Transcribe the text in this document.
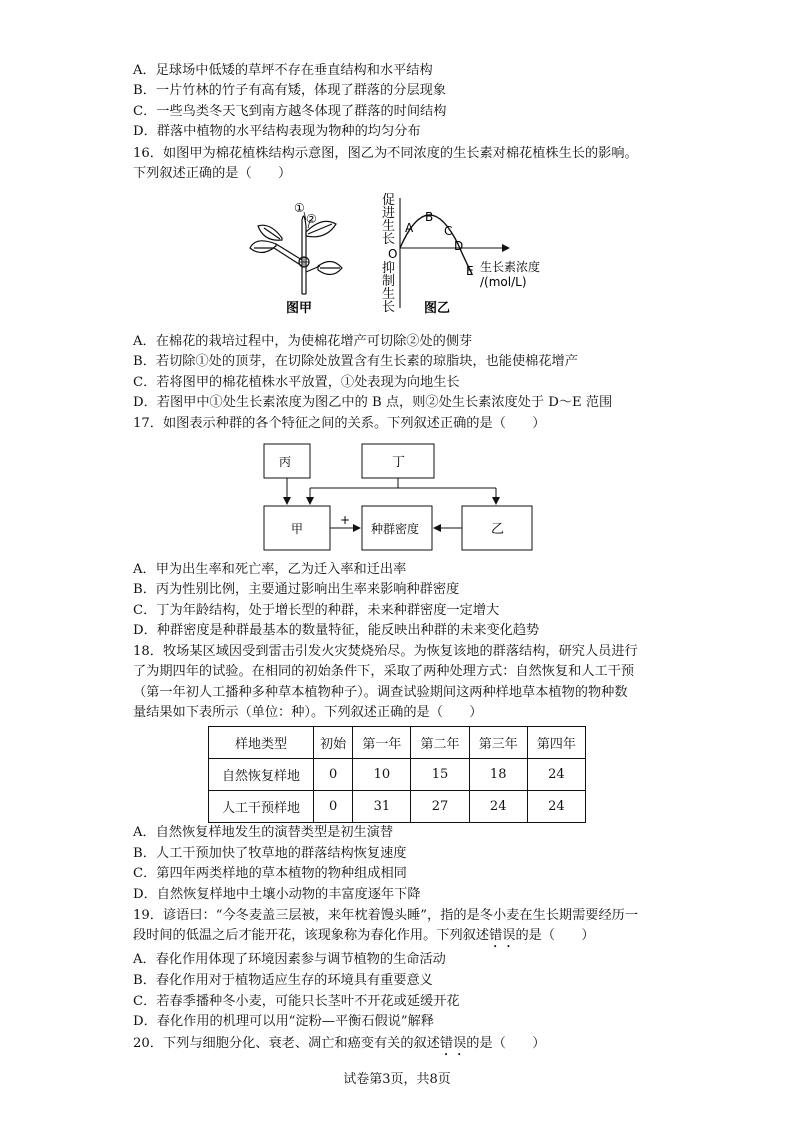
A．足球场中低矮的草坪不存在垂直结构和水平结构
B．一片竹林的竹子有高有矮，体现了群落的分层现象
C．一些鸟类冬天飞到南方越冬体现了群落的时间结构
D．群落中植物的水平结构表现为物种的均匀分布
16．如图甲为棉花植株结构示意图，图乙为不同浓度的生长素对棉花植株生长的影响。
下列叙述正确的是（　　）
①
②
图甲
促
进
生
长
O
抑
制
生
长
A
B
C
D
E 生长素浓度
/(mol/L)
图乙
A．在棉花的栽培过程中，为使棉花增产可切除②处的侧芽
B．若切除①处的顶芽，在切除处放置含有生长素的琼脂块，也能使棉花增产
C．若将图甲的棉花植株水平放置，①处表现为向地生长
D．若图甲中①处生长素浓度为图乙中的 B 点，则②处生长素浓度处于 D～E 范围
17．如图表示种群的各个特征之间的关系。下列叙述正确的是（　　）
丙	丁
甲	种群密度	乙
+
A．甲为出生率和死亡率，乙为迁入率和迁出率
B．丙为性别比例，主要通过影响出生率来影响种群密度
C．丁为年龄结构，处于增长型的种群，未来种群密度一定增大
D．种群密度是种群最基本的数量特征，能反映出种群的未来变化趋势
18．牧场某区域因受到雷击引发火灾焚烧殆尽。为恢复该地的群落结构，研究人员进行
了为期四年的试验。在相同的初始条件下，采取了两种处理方式：自然恢复和人工干预
（第一年初人工播种多种草本植物种子）。调查试验期间这两种样地草本植物的物种数
量结果如下表所示（单位：种）。下列叙述正确的是（　　）
样地类型	初始	第一年	第二年	第三年	第四年
自然恢复样地	0	10	15	18	24
人工干预样地	0	31	27	24	24
A．自然恢复样地发生的演替类型是初生演替
B．人工干预加快了牧草地的群落结构恢复速度
C．第四年两类样地的草本植物的物种组成相同
D．自然恢复样地中土壤小动物的丰富度逐年下降
19．谚语曰：“今冬麦盖三层被，来年枕着馒头睡”，指的是冬小麦在生长期需要经历一
段时间的低温之后才能开花，该现象称为春化作用。下列叙述错误的是（　　）
A．春化作用体现了环境因素参与调节植物的生命活动
B．春化作用对于植物适应生存的环境具有重要意义
C．若春季播种冬小麦，可能只长茎叶不开花或延缓开花
D．春化作用的机理可以用“淀粉—平衡石假说”解释
20．下列与细胞分化、衰老、凋亡和癌变有关的叙述错误的是（　　）
试卷第3页，共8页
